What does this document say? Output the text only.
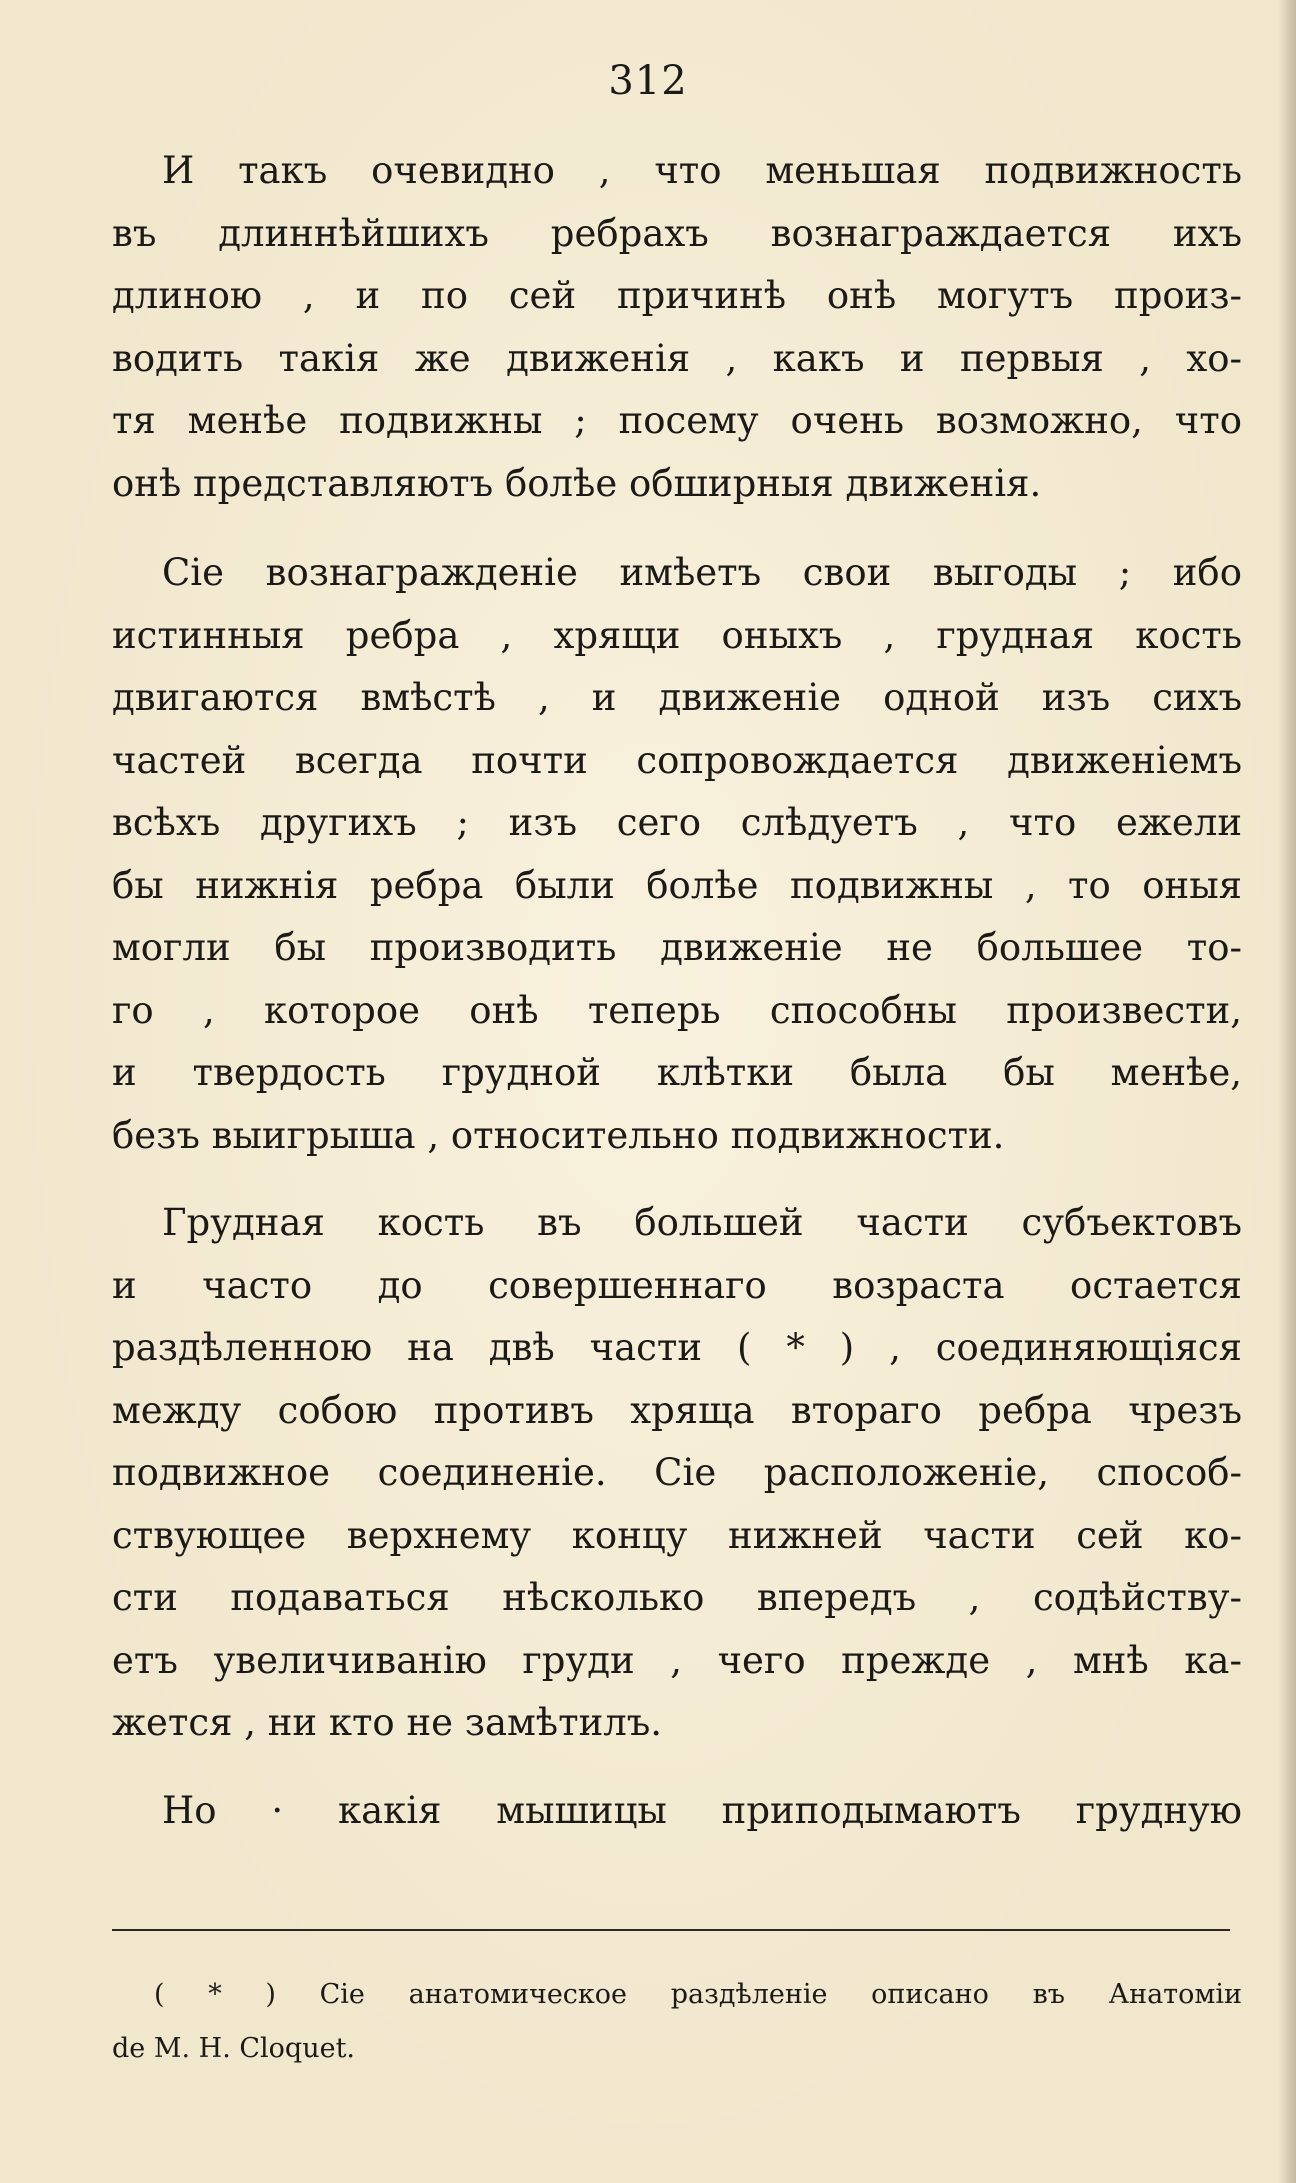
312
И такъ очевидно , что меньшая подвижность
въ длиннѣйшихъ ребрахъ вознаграждается ихъ
длиною , и по сей причинѣ онѣ могутъ произ-
водить такія же движенія , какъ и первыя , хо-
тя менѣе подвижны ; посему очень возможно, что
онѣ представляютъ болѣе обширныя движенія.
Сіе вознагражденіе имѣетъ свои выгоды ; ибо
истинныя ребра , хрящи оныхъ , грудная кость
двигаются вмѣстѣ , и движеніе одной изъ сихъ
частей всегда почти сопровождается движеніемъ
всѣхъ другихъ ; изъ сего слѣдуетъ , что ежели
бы нижнія ребра были болѣе подвижны , то оныя
могли бы производить движеніе не большее то-
го , которое онѣ теперь способны произвести,
и твердость грудной клѣтки была бы менѣе,
безъ выигрыша , относительно подвижности.
Грудная кость въ большей части субъектовъ
и часто до совершеннаго возраста остается
раздѣленною на двѣ части ( * ) , соединяющіяся
между собою противъ хряща втораго ребра чрезъ
подвижное соединеніе. Сіе расположеніе, способ-
ствующее верхнему концу нижней части сей ко-
сти подаваться нѣсколько впередъ , содѣйству-
етъ увеличиванію груди , чего прежде , мнѣ ка-
жется , ни кто не замѣтилъ.
Но · какія мышицы приподымаютъ грудную
( * ) Сіе анатомическое раздѣленіе описано въ Анатоміи
de M. H. Cloquet.
